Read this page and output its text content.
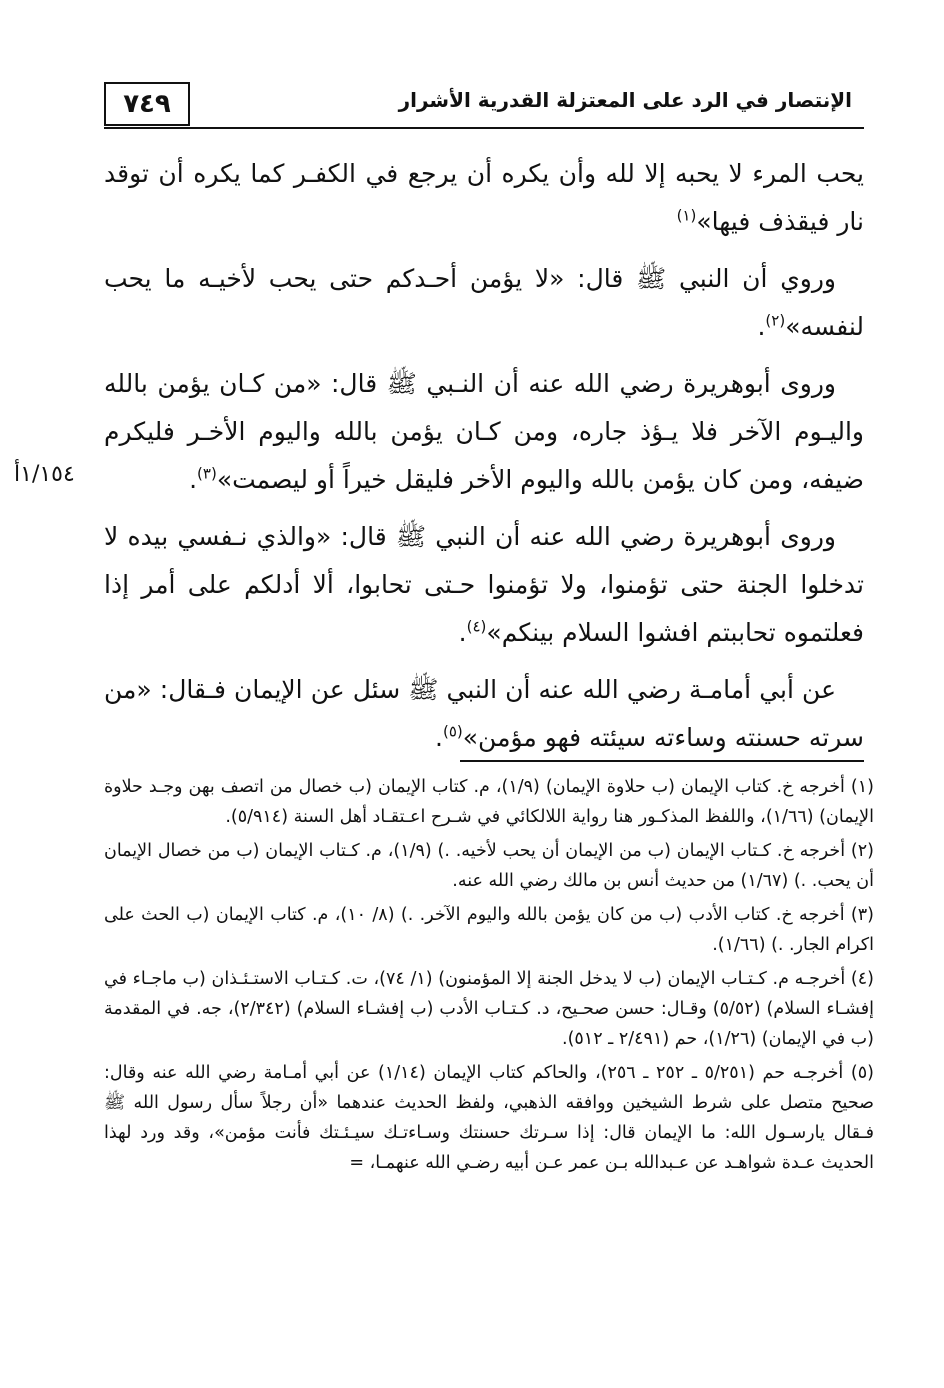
٧٤٩	الإنتصار في الرد على المعتزلة القدرية الأشرار
١/١٥٤أ

يحب المرء لا يحبه إلا لله وأن يكره أن يرجع في الكفـر كما يكره أن توقد نار فيقذف فيها»$^{(١)}$

وروي أن النبي ﷺ قال: «لا يؤمن أحـدكم حتى يحب لأخيـه ما يحب لنفسه»$^{(٢)}$.

وروى أبوهريرة رضي الله عنه أن النـبي ﷺ قال: «من كـان يؤمن بالله واليـوم الآخر فلا يـؤذ جاره، ومن كـان يؤمن بالله واليوم الأخـر فليكرم ضيفه، ومن كان يؤمن بالله واليوم الأخر فليقل خيراً أو ليصمت»$^{(٣)}$.

وروى أبوهريرة رضي الله عنه أن النبي ﷺ قال: «والذي نـفسي بيده لا تدخلوا الجنة حتى تؤمنوا، ولا تؤمنوا حـتى تحابوا، ألا أدلكم على أمر إذا فعلتموه تحاببتم افشوا السلام بينكم»$^{(٤)}$.

عن أبي أمامـة رضي الله عنه أن النبي ﷺ سئل عن الإيمان فـقال: «من سرته حسنته وساءته سيئته فهو مؤمن»$^{(٥)}$.

(١) أخرجه خ. كتاب الإيمان (ب حلاوة الإيمان) (١/٩)، م. كتاب الإيمان (ب خصال من اتصف بهن وجـد حلاوة الإيمان) (١/٦٦)، واللفظ المذكـور هنا رواية اللالكائي في شـرح اعـتقـاد أهل السنة (٥/٩١٤).

(٢) أخرجه خ. كـتاب الإيمان (ب من الإيمان أن يحب لأخيه. .) (١/٩)، م. كـتاب الإيمان (ب من خصال الإيمان أن يحب. .) (١/٦٧) من حديث أنس بن مالك رضي الله عنه.

(٣) أخرجه خ. كتاب الأدب (ب من كان يؤمن بالله واليوم الآخر. .) (٨/ ١٠)، م. كتاب الإيمان (ب الحث على اكرام الجار. .) (١/٦٦).

(٤) أخرجـه م. كـتـاب الإيمان (ب لا يدخل الجنة إلا المؤمنون) (١/ ٧٤)، ت. كـتـاب الاستـئـذان (ب ماجـاء في إفشـاء السلام) (٥/٥٢) وقـال: حسن صحـيح، د. كـتـاب الأدب (ب إفشـاء السلام) (٢/٣٤٢)، جه. في المقدمة (ب في الإيمان) (١/٢٦)، حم (٢/٤٩١ ـ ٥١٢).

(٥) أخرجـه حم (٥/٢٥١ ـ ٢٥٢ ـ ٢٥٦)، والحاكم كتاب الإيمان (١/١٤) عن أبي أمـامة رضي الله عنه وقال: صحيح متصل على شرط الشيخين ووافقه الذهبي، ولفظ الحديث عندهما «أن رجلاً سأل رسول الله ﷺ فـقال يارسـول الله: ما الإيمان قال: إذا سـرتك حسنتك وسـاءتـك سيـئـتك فأنت مؤمن»، وقد ورد لهذا الحديث عـدة شواهـد عن عـبدالله بـن عمر عـن أبيه رضـي الله عنهمـا، =
